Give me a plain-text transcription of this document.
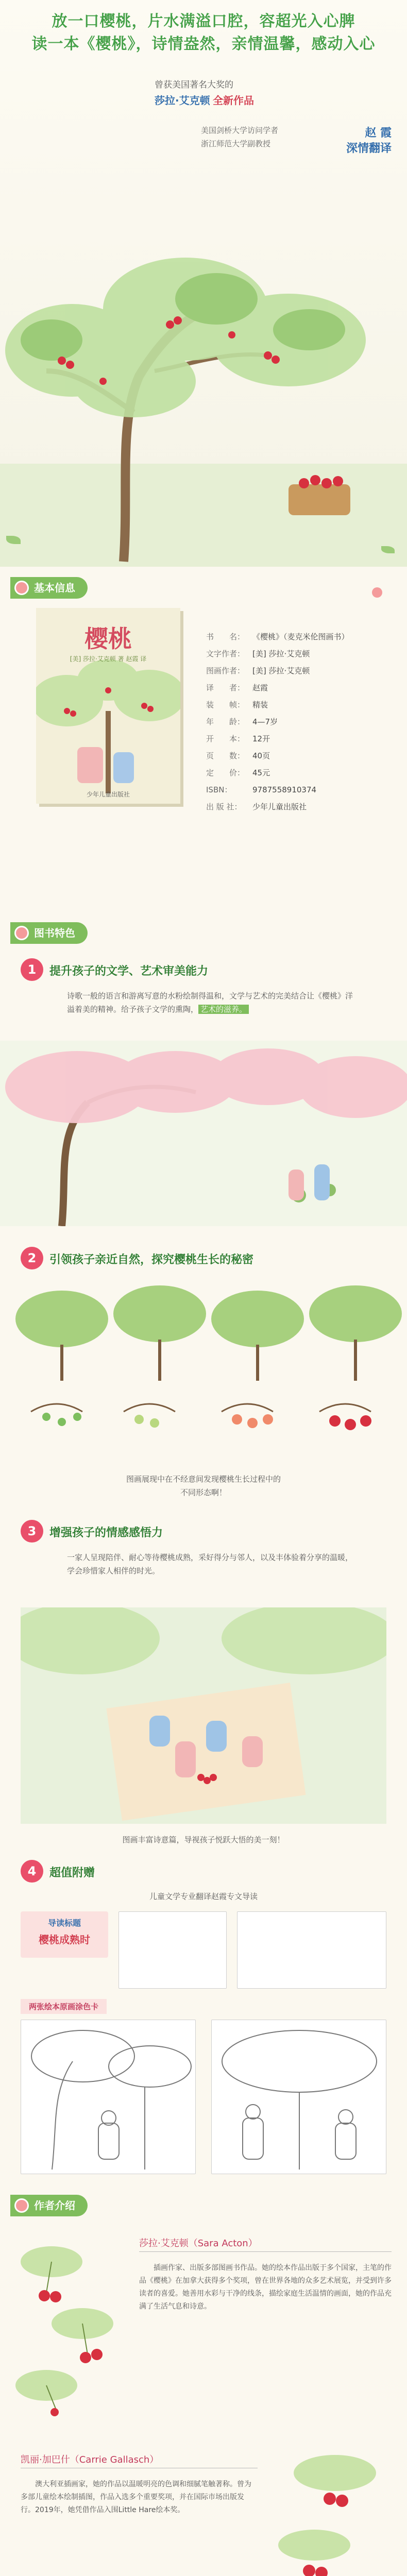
放一口樱桃，片水满溢口腔，容超光入心脾
读一本《樱桃》，诗情盎然，亲情温馨，感动入心
曾获美国著名大奖的
莎拉·艾克顿 全新作品
美国剑桥大学访问学者
浙江师范大学副教授
赵 霞
深情翻译
基本信息
樱桃
[美] 莎拉·艾克顿 著 赵霞 译
少年儿童出版社
书　　名： 《樱桃》（麦克米伦图画书）
文字作者： [美] 莎拉·艾克顿
图画作者： [美] 莎拉·艾克顿
译　　者： 赵霞
装　　帧： 精装
年　　龄： 4—7岁
开　　本： 12开
页　　数： 40页
定　　价： 45元
ISBN：	9787558910374
出 版 社：	少年儿童出版社
图书特色
1	提升孩子的文学、艺术审美能力
诗歌一般的语言和游离写意的水粉绘制得温和，文学与艺术的完美结合让《樱桃》洋溢着美的精神。给予孩子文学的熏陶， 艺术的滋养。
2	引领孩子亲近自然，探究樱桃生长的秘密
图画展现中在不经意间发现樱桃生长过程中的
不同形态啊！
3	增强孩子的情感感悟力
一家人呈现陪伴、耐心等待樱桃成熟，采好得分与邻人，以及丰体验着分享的温暖，学会珍惜家人相伴的时光。
图画丰富诗意篇，导视孩子悦跃大悟的美一刻！
4	超值附赠
儿童文学专业翻译赵霞专文导读
导读标题
樱桃成熟时
两张绘本原画涂色卡
作者介绍
莎拉·艾克顿（Sara Acton）
插画作家、出版多部图画书作品。她的绘本作品出版于多个国家，主笔的作品《樱桃》在加拿大获得多个奖项，曾在世界各地的众多艺术展览，并受到许多读者的喜爱。她善用水彩与干净的线条，描绘家庭生活温情的画面，她的作品充满了生活气息和诗意。
凯丽·加巴什（Carrie Gallasch）
澳大利亚插画家，她的作品以温暖明亮的色调和细腻笔触著称。曾为多部儿童绘本绘制插图，作品入选多个重要奖项，并在国际市场出版发行。2019年，她凭借作品入围Little Hare绘本奖。
